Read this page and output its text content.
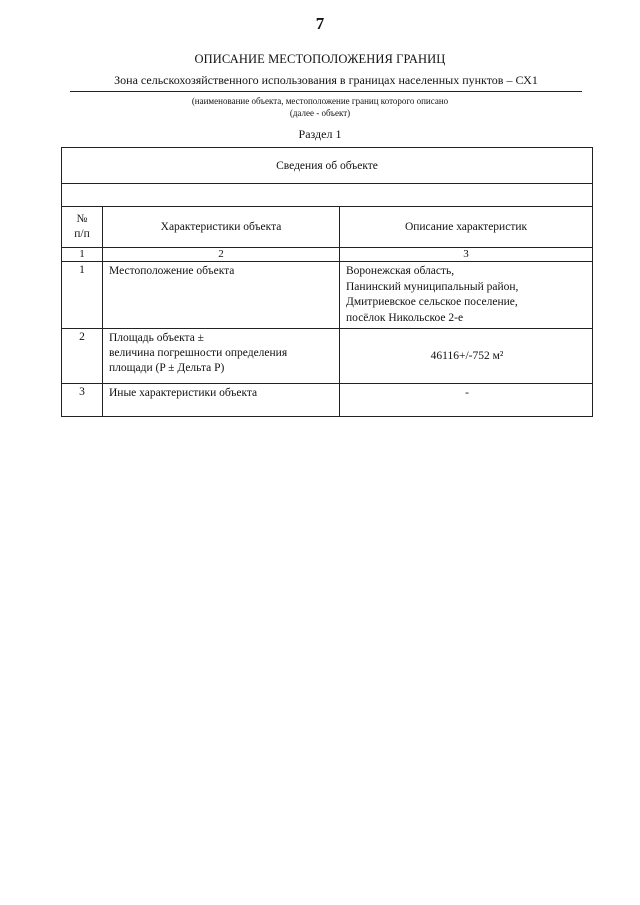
7
ОПИСАНИЕ МЕСТОПОЛОЖЕНИЯ ГРАНИЦ
Зона сельскохозяйственного использования в границах населенных пунктов – СХ1
(наименование объекта, местоположение границ которого описано
(далее - объект)
Раздел 1
Сведения об объекте		

№
п/п	Характеристики объекта	Описание характеристик
1	2	3
1	Местоположение объекта	Воронежская область,
Панинский муниципальный район,
Дмитриевское сельское поселение,
посёлок Никольское 2-е

2	Площадь объекта ±
величина погрешности определения
площади (P ± Дельта P)	46116+/-752 м²

3	Иные характеристики объекта	-
